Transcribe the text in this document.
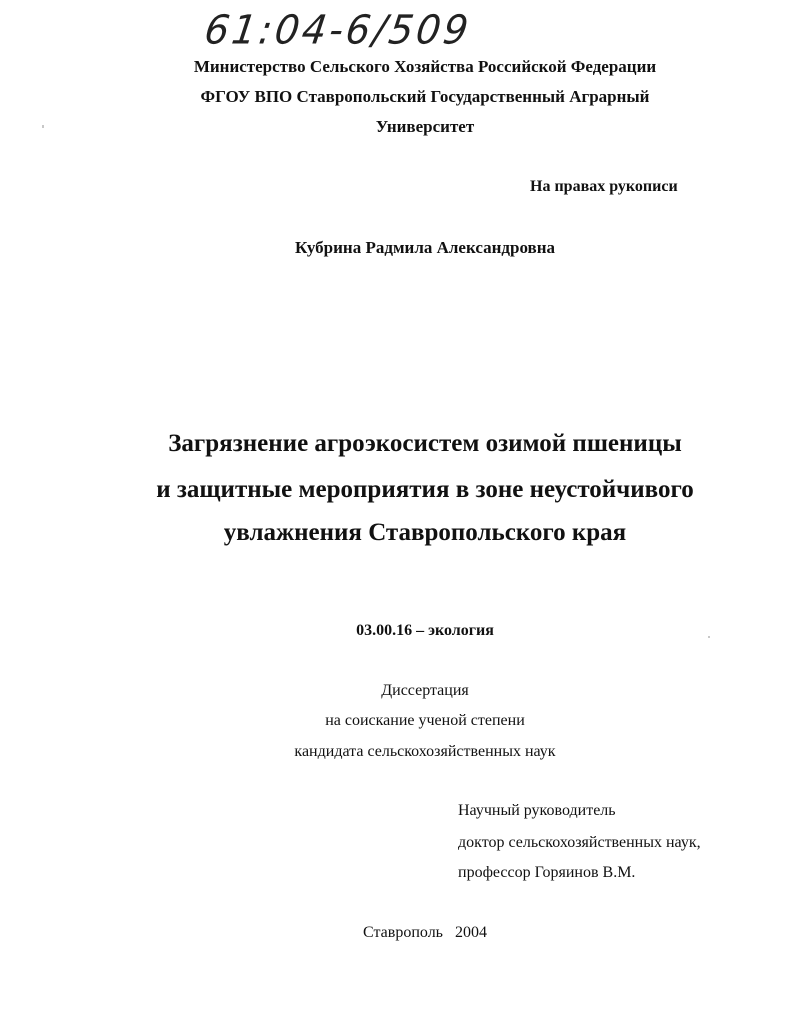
61:04-6/509
Министерство Сельского Хозяйства Российской Федерации
ФГОУ ВПО Ставропольский Государственный Аграрный
Университет
На правах рукописи
Кубрина Радмила Александровна
Загрязнение агроэкосистем озимой пшеницы
и защитные мероприятия в зоне неустойчивого
увлажнения Ставропольского края
03.00.16 – экология
Диссертация
на соискание ученой степени
кандидата сельскохозяйственных наук
Научный руководитель
доктор сельскохозяйственных наук,
профессор Горяинов В.М.
Ставрополь   2004
